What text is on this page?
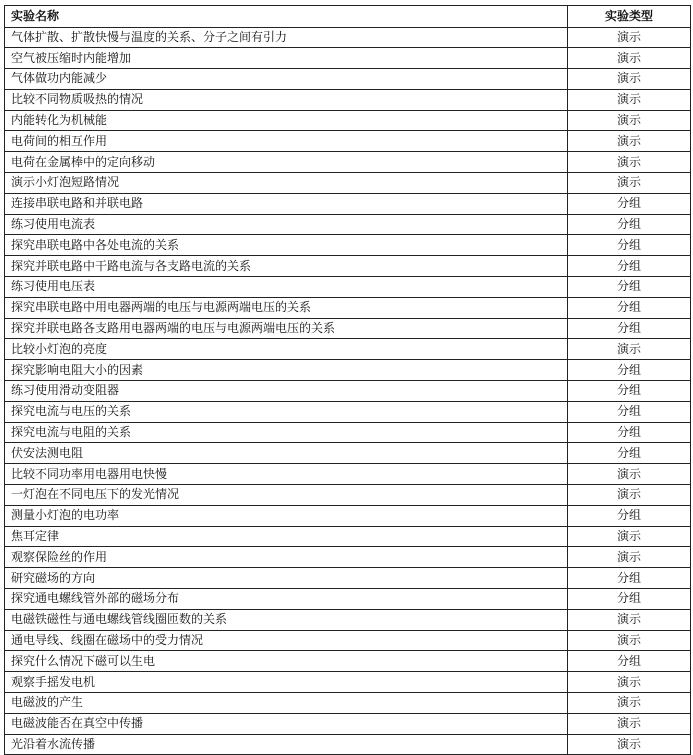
实验名称	实验类型
气体扩散、扩散快慢与温度的关系、分子之间有引力	演示
空气被压缩时内能增加	演示
气体做功内能减少	演示
比较不同物质吸热的情况	演示
内能转化为机械能	演示
电荷间的相互作用	演示
电荷在金属棒中的定向移动	演示
演示小灯泡短路情况	演示
连接串联电路和并联电路	分组
练习使用电流表	分组
探究串联电路中各处电流的关系	分组
探究并联电路中干路电流与各支路电流的关系	分组
练习使用电压表	分组
探究串联电路中用电器两端的电压与电源两端电压的关系	分组
探究并联电路各支路用电器两端的电压与电源两端电压的关系	分组
比较小灯泡的亮度	演示
探究影响电阻大小的因素	分组
练习使用滑动变阻器	分组
探究电流与电压的关系	分组
探究电流与电阻的关系	分组
伏安法测电阻	分组
比较不同功率用电器用电快慢	演示
一灯泡在不同电压下的发光情况	演示
测量小灯泡的电功率	分组
焦耳定律	演示
观察保险丝的作用	演示
研究磁场的方向	分组
探究通电螺线管外部的磁场分布	分组
电磁铁磁性与通电螺线管线圈匝数的关系	演示
通电导线、线圈在磁场中的受力情况	演示
探究什么情况下磁可以生电	分组
观察手摇发电机	演示
电磁波的产生	演示
电磁波能否在真空中传播	演示
光沿着水流传播	演示
